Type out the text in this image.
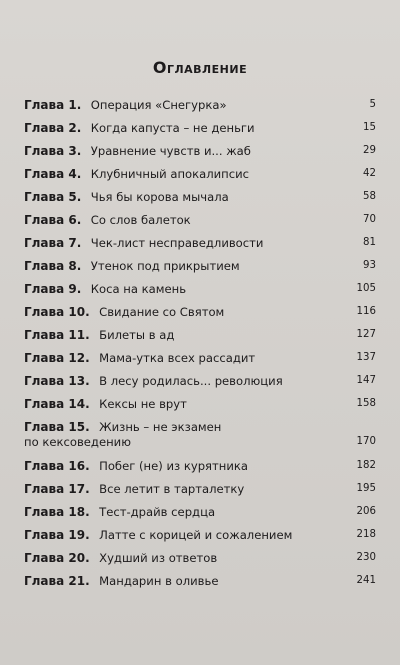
Оглавление
Глава 1. Операция «Снегурка»	5
Глава 2. Когда капуста – не деньги	15
Глава 3. Уравнение чувств и... жаб	29
Глава 4. Клубничный апокалипсис	42
Глава 5. Чья бы корова мычала	58
Глава 6. Со слов балеток	70
Глава 7. Чек-лист несправедливости	81
Глава 8. Утенок под прикрытием	93
Глава 9. Коса на камень	105
Глава 10. Свидание со Святом	116
Глава 11. Билеты в ад	127
Глава 12. Мама-утка всех рассадит	137
Глава 13. В лесу родилась... революция	147
Глава 14. Кексы не врут	158
Глава 15. Жизнь – не экзамен
по кексоведению	170
Глава 16. Побег (не) из курятника	182
Глава 17. Все летит в тарталетку	195
Глава 18. Тест-драйв сердца	206
Глава 19. Латте с корицей и сожалением	218
Глава 20. Худший из ответов	230
Глава 21. Мандарин в оливье	241
